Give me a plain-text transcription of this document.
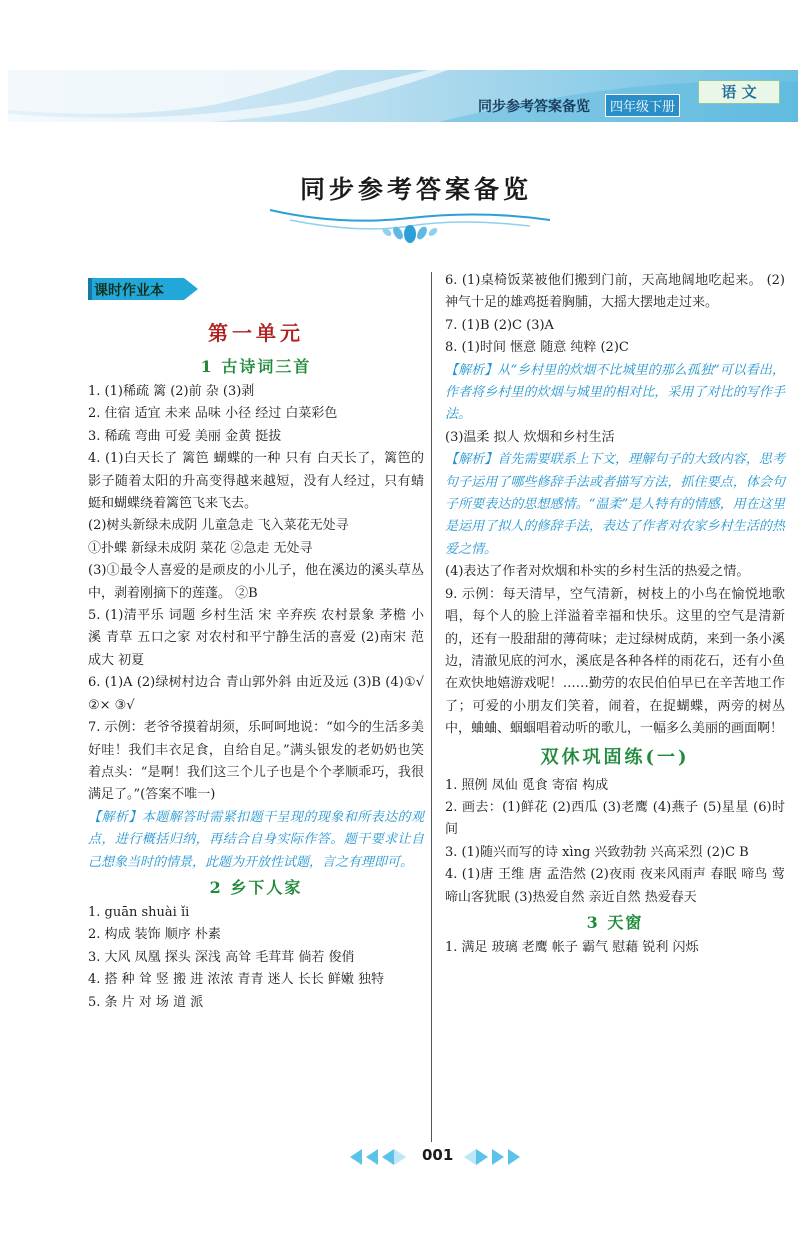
同步参考答案备览	四年级下册
语 文
同步参考答案备览
课时作业本

第一单元

1 古诗词三首

1. (1)稀疏 篱 (2)前 杂 (3)剥

2. 住宿 适宜 未来 品味 小径 经过 白菜彩色

3. 稀疏 弯曲 可爱 美丽 金黄 挺拔

4. (1)白天长了 篱笆 蝴蝶的一种 只有 白天长了，篱笆的影子随着太阳的升高变得越来越短，没有人经过，只有蜻蜓和蝴蝶绕着篱笆飞来飞去。

(2)树头新绿未成阴 儿童急走 飞入菜花无处寻

①扑蝶 新绿未成阴 菜花 ②急走 无处寻

(3)①最令人喜爱的是顽皮的小儿子，他在溪边的溪头草丛中，剥着刚摘下的莲蓬。 ②B

5. (1)清平乐 词题 乡村生活 宋 辛弃疾 农村景象 茅檐 小溪 青草 五口之家 对农村和平宁静生活的喜爱 (2)南宋 范成大 初夏

6. (1)A (2)绿树村边合 青山郭外斜 由近及远 (3)B (4)①√ ②× ③√

7. 示例：老爷爷摸着胡须，乐呵呵地说：“如今的生活多美好哇！我们丰衣足食，自给自足。”满头银发的老奶奶也笑着点头：“是啊！我们这三个儿子也是个个孝顺乖巧，我很满足了。”(答案不唯一)

【解析】本题解答时需紧扣题干呈现的现象和所表达的观点，进行概括归纳，再结合自身实际作答。题干要求让自己想象当时的情景，此题为开放性试题，言之有理即可。

2 乡下人家

1. guān shuài ǐi

2. 构成 装饰 顺序 朴素

3. 大风 凤凰 探头 深浅 高耸 毛茸茸 倘若 俊俏

4. 搭 种 耸 竖 搬 进 浓浓 青青 迷人 长长 鲜嫩 独特

5. 条 片 对 场 道 派

6. (1)桌椅饭菜被他们搬到门前，天高地阔地吃起来。 (2)神气十足的雄鸡挺着胸脯，大摇大摆地走过来。

7. (1)B (2)C (3)A

8. (1)时间 惬意 随意 纯粹 (2)C

【解析】从“乡村里的炊烟不比城里的那么孤独”可以看出，作者将乡村里的炊烟与城里的相对比，采用了对比的写作手法。

(3)温柔 拟人 炊烟和乡村生活

【解析】首先需要联系上下文，理解句子的大致内容，思考句子运用了哪些修辞手法或者描写方法，抓住要点，体会句子所要表达的思想感情。“温柔”是人特有的情感，用在这里是运用了拟人的修辞手法，表达了作者对农家乡村生活的热爱之情。

(4)表达了作者对炊烟和朴实的乡村生活的热爱之情。

9. 示例：每天清早，空气清新，树枝上的小鸟在愉悦地歌唱，每个人的脸上洋溢着幸福和快乐。这里的空气是清新的，还有一股甜甜的薄荷味；走过绿树成荫，来到一条小溪边，清澈见底的河水，溪底是各种各样的雨花石，还有小鱼在欢快地嬉游戏呢！……勤劳的农民伯伯早已在辛苦地工作了；可爱的小朋友们笑着，闹着，在捉蝴蝶，两旁的树丛中，蛐蛐、蝈蝈唱着动听的歌儿，一幅多么美丽的画面啊！

双休巩固练(一)

1. 照例 凤仙 觅食 寄宿 构成

2. 画去：(1)鲜花 (2)西瓜 (3)老鹰 (4)燕子 (5)星星 (6)时间

3. (1)随兴而写的诗 xìng 兴致勃勃 兴高采烈 (2)C B

4. (1)唐 王维 唐 孟浩然 (2)夜雨 夜来风雨声 春眠 啼鸟 莺啼山客犹眠 (3)热爱自然 亲近自然 热爱春天

3 天窗

1. 满足 玻璃 老鹰 帐子 霸气 慰藉 锐利 闪烁

001
